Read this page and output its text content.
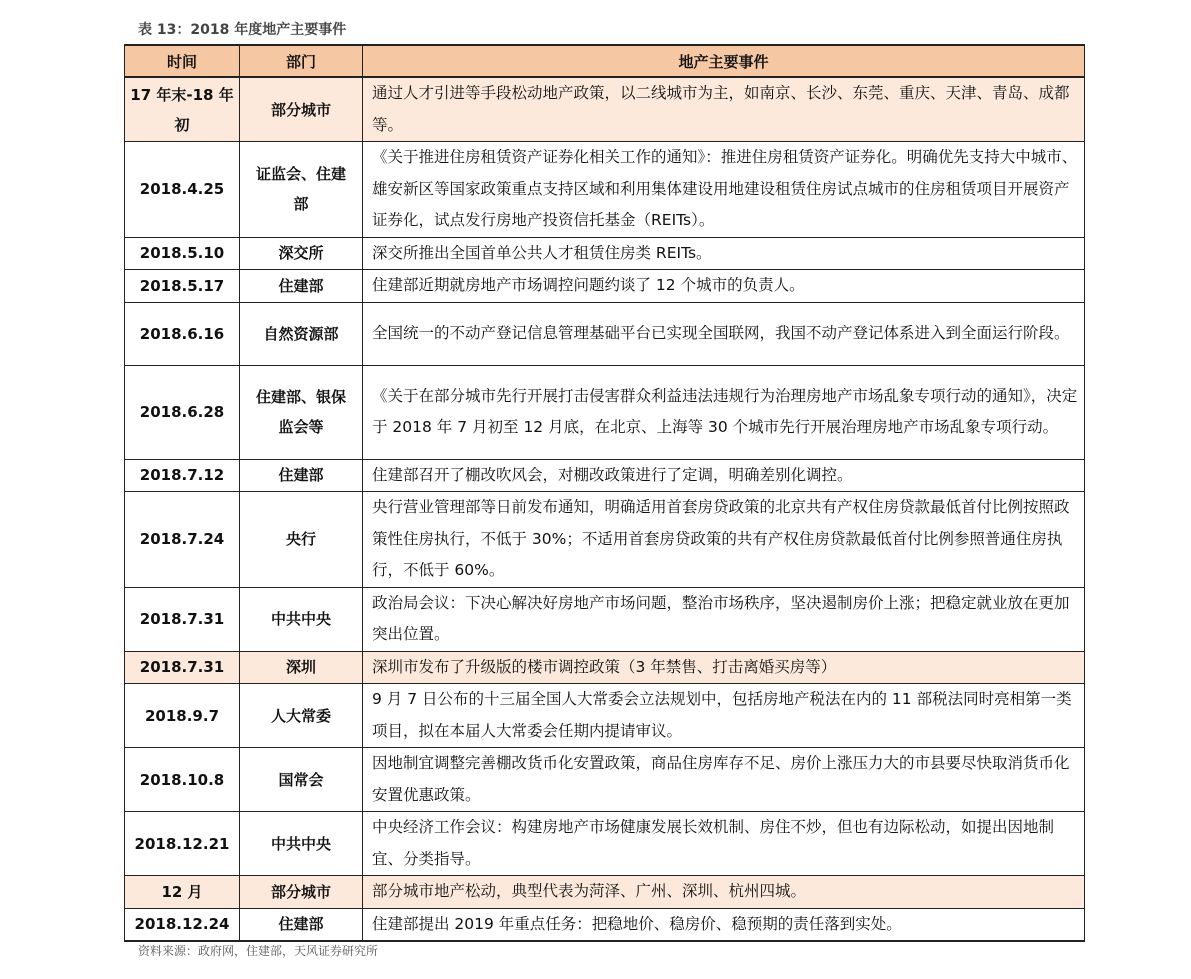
表 13：2018 年度地产主要事件
时间	部门	地产主要事件
17 年末-18 年初	部分城市	通过人才引进等手段松动地产政策，以二线城市为主，如南京、长沙、东莞、重庆、天津、青岛、成都等。
2018.4.25	证监会、住建部	《关于推进住房租赁资产证券化相关工作的通知》：推进住房租赁资产证券化。明确优先支持大中城市、雄安新区等国家政策重点支持区域和利用集体建设用地建设租赁住房试点城市的住房租赁项目开展资产证券化，试点发行房地产投资信托基金（REITs）。
2018.5.10	深交所	深交所推出全国首单公共人才租赁住房类 REITs。
2018.5.17	住建部	住建部近期就房地产市场调控问题约谈了 12 个城市的负责人。
2018.6.16	自然资源部	全国统一的不动产登记信息管理基础平台已实现全国联网，我国不动产登记体系进入到全面运行阶段。
2018.6.28	住建部、银保监会等	《关于在部分城市先行开展打击侵害群众利益违法违规行为治理房地产市场乱象专项行动的通知》，决定于 2018 年 7 月初至 12 月底，在北京、上海等 30 个城市先行开展治理房地产市场乱象专项行动。
2018.7.12	住建部	住建部召开了棚改吹风会，对棚改政策进行了定调，明确差别化调控。
2018.7.24	央行	央行营业管理部等日前发布通知，明确适用首套房贷政策的北京共有产权住房贷款最低首付比例按照政策性住房执行，不低于 30%；不适用首套房贷政策的共有产权住房贷款最低首付比例参照普通住房执行，不低于 60%。
2018.7.31	中共中央	政治局会议：下决心解决好房地产市场问题，整治市场秩序，坚决遏制房价上涨；把稳定就业放在更加突出位置。
2018.7.31	深圳	深圳市发布了升级版的楼市调控政策（3 年禁售、打击离婚买房等）
2018.9.7	人大常委	9 月 7 日公布的十三届全国人大常委会立法规划中，包括房地产税法在内的 11 部税法同时亮相第一类项目，拟在本届人大常委会任期内提请审议。
2018.10.8	国常会	因地制宜调整完善棚改货币化安置政策，商品住房库存不足、房价上涨压力大的市县要尽快取消货币化安置优惠政策。
2018.12.21	中共中央	中央经济工作会议：构建房地产市场健康发展长效机制、房住不炒，但也有边际松动，如提出因地制宜、分类指导。
12 月	部分城市	部分城市地产松动，典型代表为菏泽、广州、深圳、杭州四城。
2018.12.24	住建部	住建部提出 2019 年重点任务：把稳地价、稳房价、稳预期的责任落到实处。
资料来源：政府网，住建部，天风证券研究所
